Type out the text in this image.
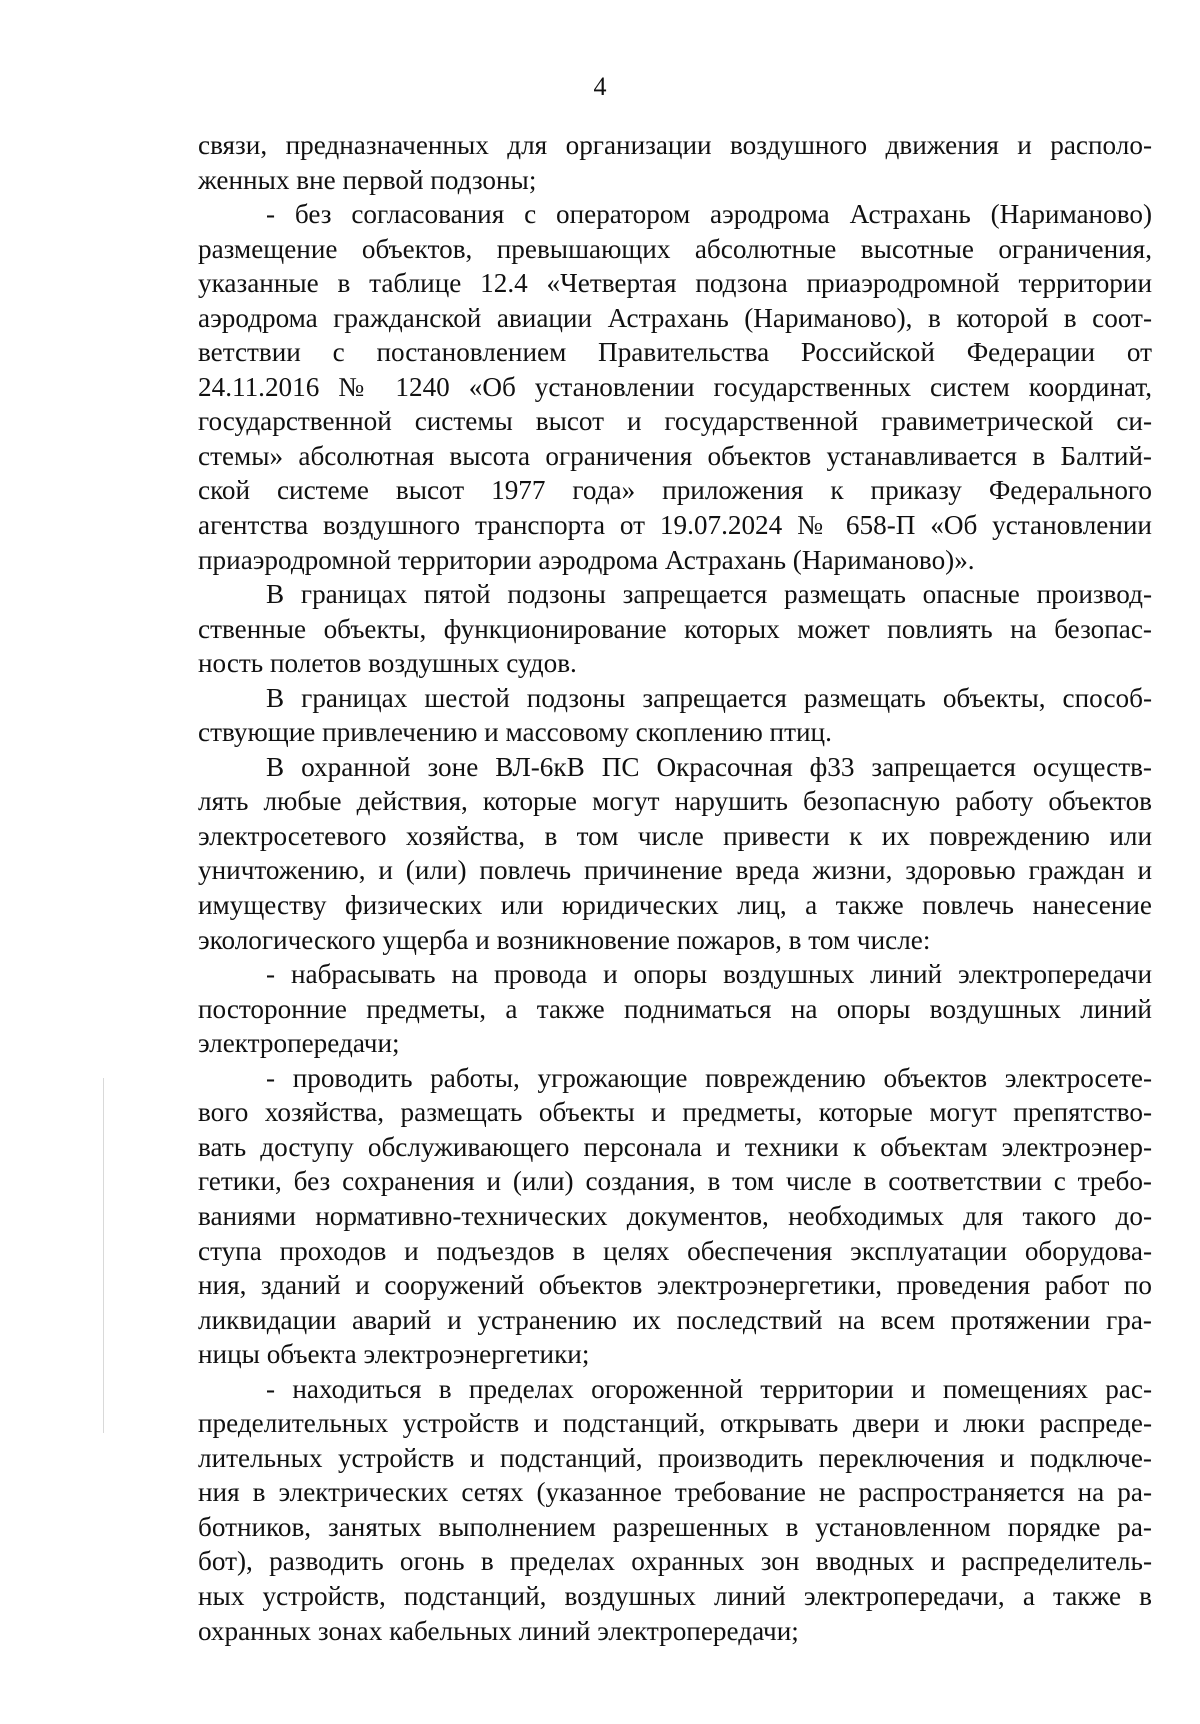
4
связи, предназначенных для организации воздушного движения и располо-
женных вне первой подзоны;
- без согласования с оператором аэродрома Астрахань (Нариманово)
размещение объектов, превышающих абсолютные высотные ограничения,
указанные в таблице 12.4 «Четвертая подзона приаэродромной территории
аэродрома гражданской авиации Астрахань (Нариманово), в которой в соот-
ветствии с постановлением Правительства Российской Федерации от
24.11.2016 № 1240 «Об установлении государственных систем координат,
государственной системы высот и государственной гравиметрической си-
стемы» абсолютная высота ограничения объектов устанавливается в Балтий-
ской системе высот 1977 года» приложения к приказу Федерального
агентства воздушного транспорта от 19.07.2024 № 658-П «Об установлении
приаэродромной территории аэродрома Астрахань (Нариманово)».
В границах пятой подзоны запрещается размещать опасные производ-
ственные объекты, функционирование которых может повлиять на безопас-
ность полетов воздушных судов.
В границах шестой подзоны запрещается размещать объекты, способ-
ствующие привлечению и массовому скоплению птиц.
В охранной зоне ВЛ-6кВ ПС Окрасочная ф33 запрещается осуществ-
лять любые действия, которые могут нарушить безопасную работу объектов
электросетевого хозяйства, в том числе привести к их повреждению или
уничтожению, и (или) повлечь причинение вреда жизни, здоровью граждан и
имуществу физических или юридических лиц, а также повлечь нанесение
экологического ущерба и возникновение пожаров, в том числе:
- набрасывать на провода и опоры воздушных линий электропередачи
посторонние предметы, а также подниматься на опоры воздушных линий
электропередачи;
- проводить работы, угрожающие повреждению объектов электросете-
вого хозяйства, размещать объекты и предметы, которые могут препятство-
вать доступу обслуживающего персонала и техники к объектам электроэнер-
гетики, без сохранения и (или) создания, в том числе в соответствии с требо-
ваниями нормативно-технических документов, необходимых для такого до-
ступа проходов и подъездов в целях обеспечения эксплуатации оборудова-
ния, зданий и сооружений объектов электроэнергетики, проведения работ по
ликвидации аварий и устранению их последствий на всем протяжении гра-
ницы объекта электроэнергетики;
- находиться в пределах огороженной территории и помещениях рас-
пределительных устройств и подстанций, открывать двери и люки распреде-
лительных устройств и подстанций, производить переключения и подключе-
ния в электрических сетях (указанное требование не распространяется на ра-
ботников, занятых выполнением разрешенных в установленном порядке ра-
бот), разводить огонь в пределах охранных зон вводных и распределитель-
ных устройств, подстанций, воздушных линий электропередачи, а также в
охранных зонах кабельных линий электропередачи;
